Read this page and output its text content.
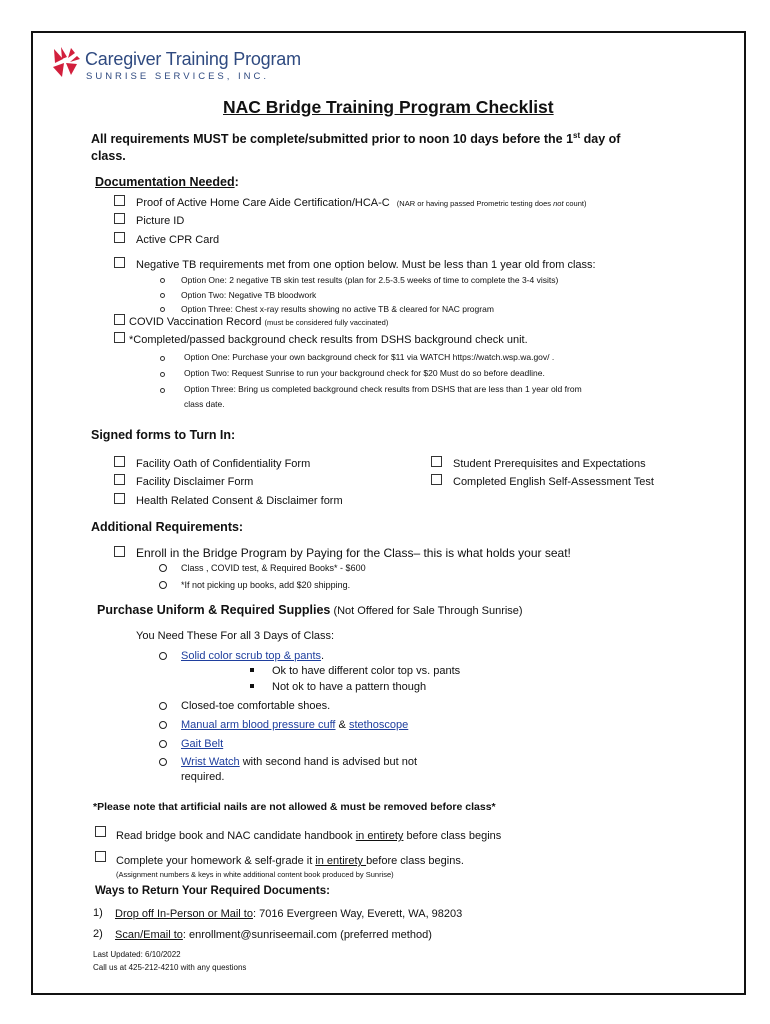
Caregiver Training Program
SUNRISE SERVICES, INC.
NAC Bridge Training Program Checklist
All requirements MUST be complete/submitted prior to noon 10 days before the 1st day of
class.
Documentation Needed:
Proof of Active Home Care Aide Certification/HCA-C (NAR or having passed Prometric testing does not count)
Picture ID
Active CPR Card
Negative TB requirements met from one option below. Must be less than 1 year old from class:
Option One: 2 negative TB skin test results (plan for 2.5-3.5 weeks of time to complete the 3-4 visits)
Option Two: Negative TB bloodwork
Option Three: Chest x-ray results showing no active TB & cleared for NAC program
COVID Vaccination Record (must be considered fully vaccinated)
*Completed/passed background check results from DSHS background check unit.
Option One: Purchase your own background check for $11 via WATCH https://watch.wsp.wa.gov/ .
Option Two: Request Sunrise to run your background check for $20 Must do so before deadline.
Option Three: Bring us completed background check results from DSHS that are less than 1 year old from
class date.
Signed forms to Turn In:
Facility Oath of Confidentiality Form
Facility Disclaimer Form
Health Related Consent & Disclaimer form
Student Prerequisites and Expectations
Completed English Self-Assessment Test
Additional Requirements:
Enroll in the Bridge Program by Paying for the Class– this is what holds your seat!
Class , COVID test, & Required Books* - $600
*If not picking up books, add $20 shipping.
Purchase Uniform & Required Supplies (Not Offered for Sale Through Sunrise)
You Need These For all 3 Days of Class:
Solid color scrub top & pants.
Ok to have different color top vs. pants
Not ok to have a pattern though
Closed-toe comfortable shoes.
Manual arm blood pressure cuff & stethoscope
Gait Belt
Wrist Watch with second hand is advised but not
required.
*Please note that artificial nails are not allowed & must be removed before class*
Read bridge book and NAC candidate handbook in entirety before class begins
Complete your homework & self-grade it in entirety before class begins.
(Assignment numbers & keys in white additional content book produced by Sunrise)
Ways to Return Your Required Documents:
1) Drop off In-Person or Mail to: 7016 Evergreen Way, Everett, WA, 98203
2) Scan/Email to: enrollment@sunriseemail.com (preferred method)
Last Updated: 6/10/2022
Call us at 425-212-4210 with any questions
